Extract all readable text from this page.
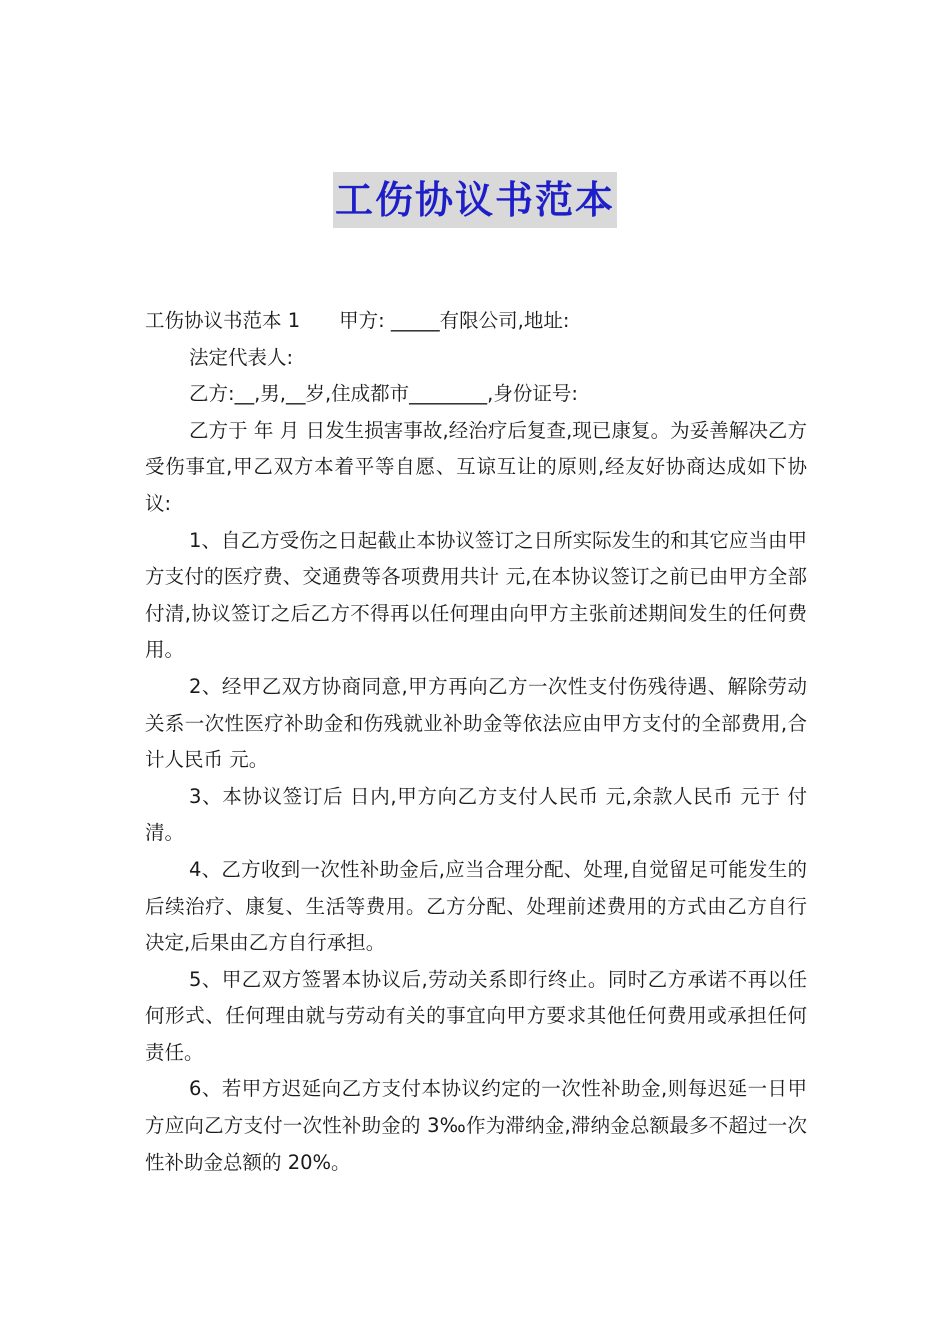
工伤协议书范本

工伤协议书范本 1　　甲方: _____有限公司,地址:

法定代表人:

乙方:__,男,__岁,住成都市________,身份证号:

乙方于 年 月 日发生损害事故,经治疗后复查,现已康复。为妥善解决乙方受伤事宜,甲乙双方本着平等自愿、互谅互让的原则,经友好协商达成如下协议:

1、自乙方受伤之日起截止本协议签订之日所实际发生的和其它应当由甲方支付的医疗费、交通费等各项费用共计 元,在本协议签订之前已由甲方全部付清,协议签订之后乙方不得再以任何理由向甲方主张前述期间发生的任何费用。

2、经甲乙双方协商同意,甲方再向乙方一次性支付伤残待遇、解除劳动关系一次性医疗补助金和伤残就业补助金等依法应由甲方支付的全部费用,合计人民币 元。

3、本协议签订后 日内,甲方向乙方支付人民币 元,余款人民币 元于 付清。

4、乙方收到一次性补助金后,应当合理分配、处理,自觉留足可能发生的后续治疗、康复、生活等费用。乙方分配、处理前述费用的方式由乙方自行决定,后果由乙方自行承担。

5、甲乙双方签署本协议后,劳动关系即行终止。同时乙方承诺不再以任何形式、任何理由就与劳动有关的事宜向甲方要求其他任何费用或承担任何责任。

6、若甲方迟延向乙方支付本协议约定的一次性补助金,则每迟延一日甲方应向乙方支付一次性补助金的 3‰作为滞纳金,滞纳金总额最多不超过一次性补助金总额的 20%。
